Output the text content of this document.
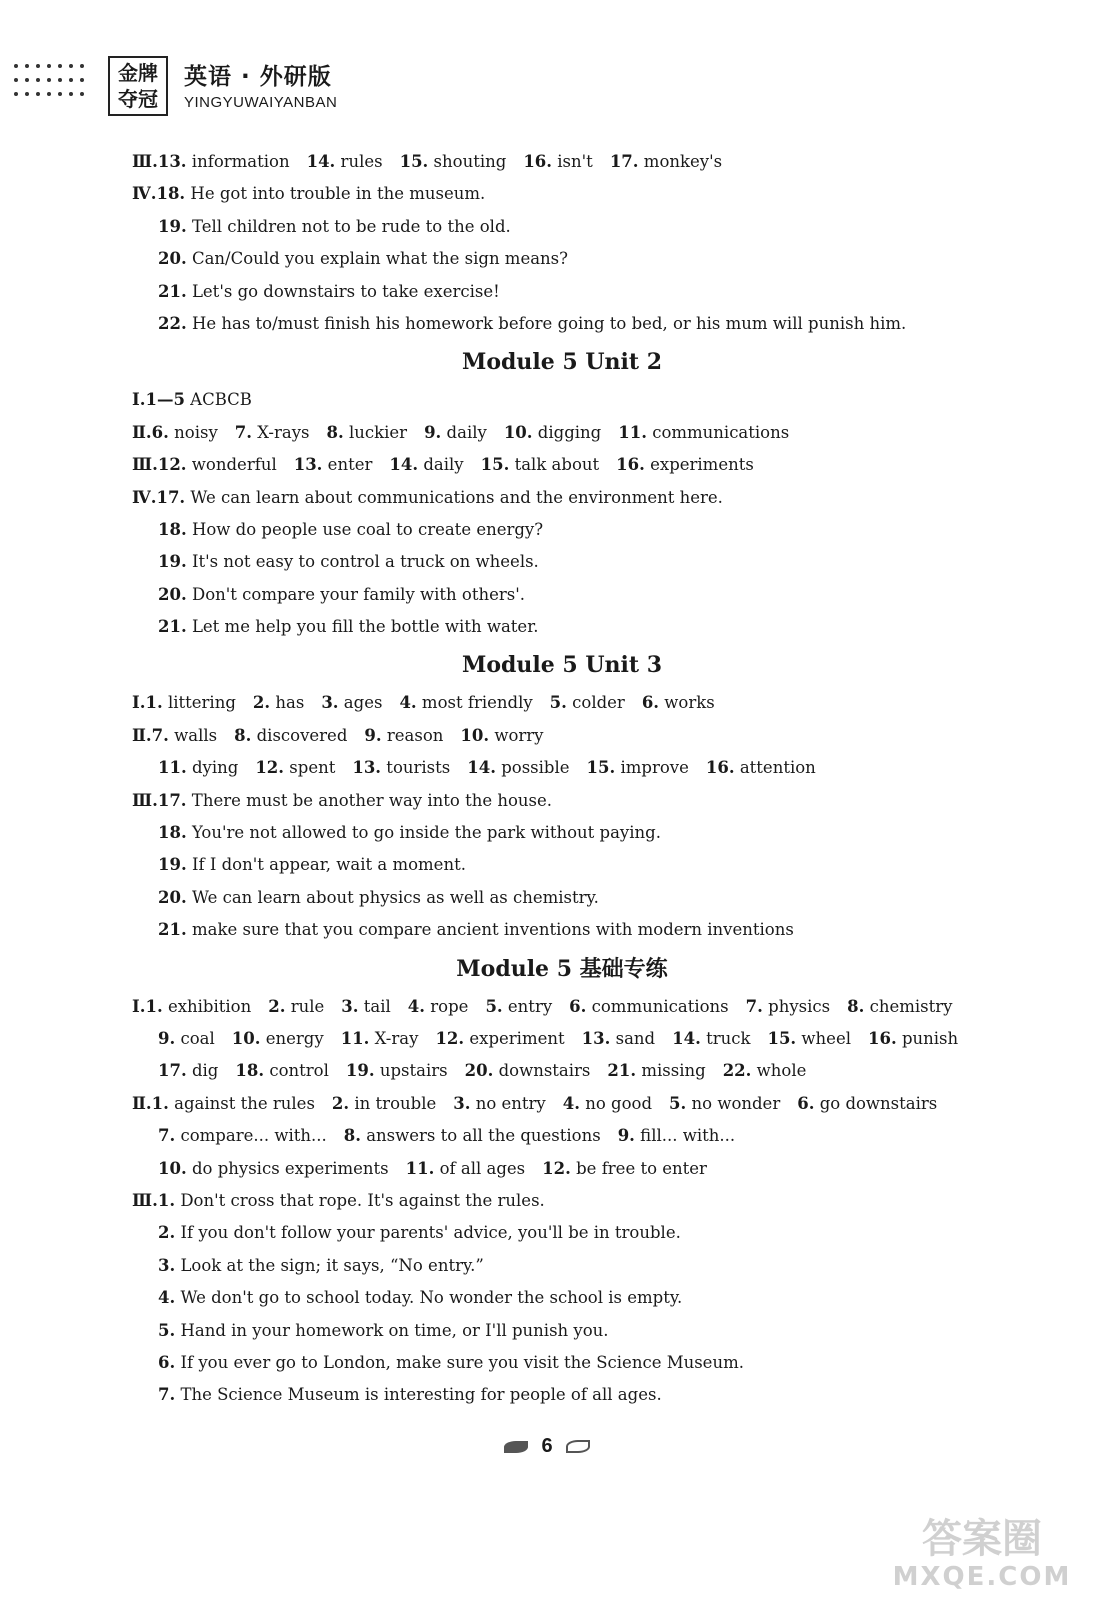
金牌
夺冠
英语 · 外研版
YINGYUWAIYANBAN
Ⅲ.13. information 14. rules 15. shouting 16. isn't 17. monkey's
Ⅳ.18. He got into trouble in the museum.
19. Tell children not to be rude to the old.
20. Can/Could you explain what the sign means?
21. Let's go downstairs to take exercise!
22. He has to/must finish his homework before going to bed, or his mum will punish him.
Module 5 Unit 2
Ⅰ.1—5 ACBCB
Ⅱ.6. noisy 7. X-rays 8. luckier 9. daily 10. digging 11. communications
Ⅲ.12. wonderful 13. enter 14. daily 15. talk about 16. experiments
Ⅳ.17. We can learn about communications and the environment here.
18. How do people use coal to create energy?
19. It's not easy to control a truck on wheels.
20. Don't compare your family with others'.
21. Let me help you fill the bottle with water.
Module 5 Unit 3
Ⅰ.1. littering 2. has 3. ages 4. most friendly 5. colder 6. works
Ⅱ.7. walls 8. discovered 9. reason 10. worry
11. dying 12. spent 13. tourists 14. possible 15. improve 16. attention
Ⅲ.17. There must be another way into the house.
18. You're not allowed to go inside the park without paying.
19. If I don't appear, wait a moment.
20. We can learn about physics as well as chemistry.
21. make sure that you compare ancient inventions with modern inventions
Module 5 基础专练
Ⅰ.1. exhibition 2. rule 3. tail 4. rope 5. entry 6. communications 7. physics 8. chemistry
9. coal 10. energy 11. X-ray 12. experiment 13. sand 14. truck 15. wheel 16. punish
17. dig 18. control 19. upstairs 20. downstairs 21. missing 22. whole
Ⅱ.1. against the rules 2. in trouble 3. no entry 4. no good 5. no wonder 6. go downstairs
7. compare... with... 8. answers to all the questions 9. fill... with...
10. do physics experiments 11. of all ages 12. be free to enter
Ⅲ.1. Don't cross that rope. It's against the rules.
2. If you don't follow your parents' advice, you'll be in trouble.
3. Look at the sign; it says, “No entry.”
4. We don't go to school today. No wonder the school is empty.
5. Hand in your homework on time, or I'll punish you.
6. If you ever go to London, make sure you visit the Science Museum.
7. The Science Museum is interesting for people of all ages.
6
答案圈
MXQE.COM
